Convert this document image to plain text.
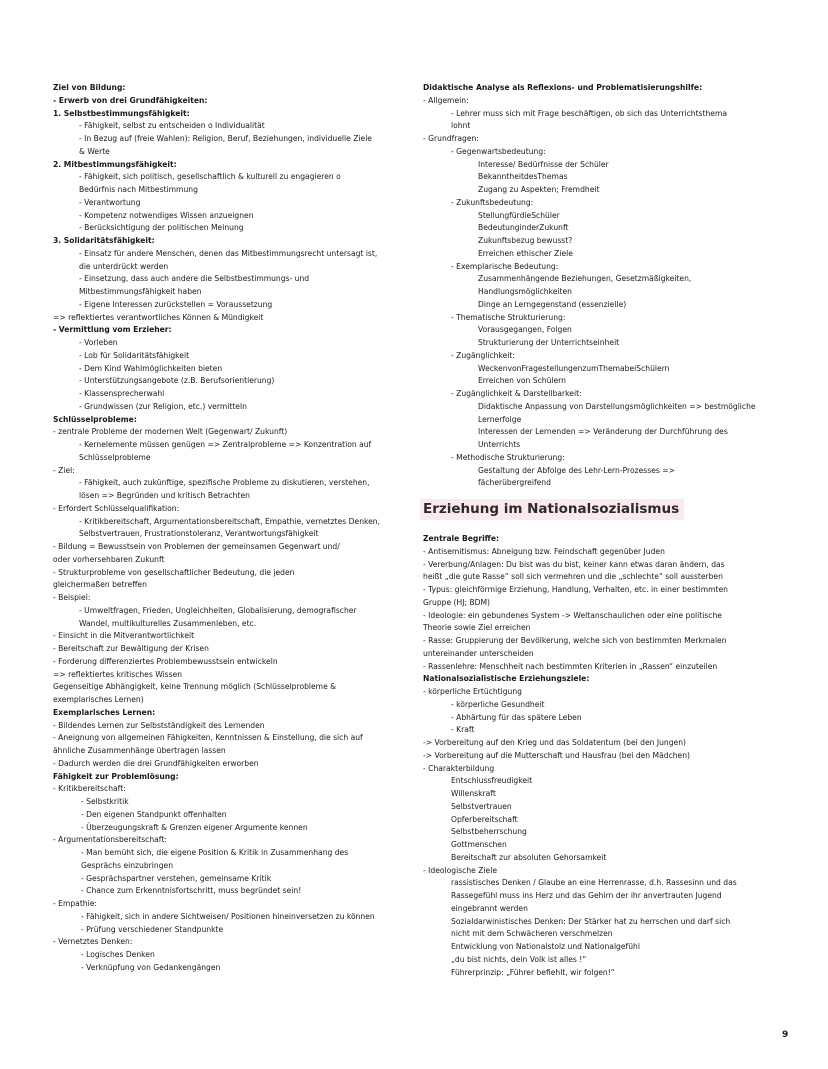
Ziel von Bildung:
- Erwerb von drei Grundfähigkeiten:
1. Selbstbestimmungsfähigkeit:
- Fähigkeit, selbst zu entscheiden o Individualität
- In Bezug auf (freie Wahlen): Religion, Beruf, Beziehungen, individuelle Ziele
& Werte
2. Mitbestimmungsfähigkeit:
- Fähigkeit, sich politisch, gesellschaftlich & kulturell zu engagieren o
Bedürfnis nach Mitbestimmung
- Verantwortung
- Kompetenz notwendiges Wissen anzueignen
- Berücksichtigung der politischen Meinung
3. Solidaritätsfähigkeit:
- Einsatz für andere Menschen, denen das Mitbestimmungsrecht untersagt ist,
die unterdrückt werden
- Einsetzung, dass auch andere die Selbstbestimmungs- und
Mitbestimmungsfähigkeit haben
- Eigene Interessen zurückstellen = Voraussetzung
=> reflektiertes verantwortliches Können & Mündigkeit
- Vermittlung vom Erzieher:
- Vorleben
- Lob für Solidaritätsfähigkeit
- Dem Kind Wahlmöglichkeiten bieten
- Unterstützungsangebote (z.B. Berufsorientierung)
- Klassensprecherwahl
- Grundwissen (zur Religion, etc.) vermitteln
Schlüsselprobleme:
- zentrale Probleme der modernen Welt (Gegenwart/ Zukunft)
- Kernelemente müssen genügen => Zentralprobleme => Konzentration auf
Schlüsselprobleme
- Ziel:
- Fähigkeit, auch zukünftige, spezifische Probleme zu diskutieren, verstehen,
lösen => Begründen und kritisch Betrachten
- Erfordert Schlüsselqualifikation:
- Kritikbereitschaft, Argumentationsbereitschaft, Empathie, vernetztes Denken,
Selbstvertrauen, Frustrationstoleranz, Verantwortungsfähigkeit
- Bildung = Bewusstsein von Problemen der gemeinsamen Gegenwart und/
oder vorhersehbaren Zukunft
- Strukturprobleme von gesellschaftlicher Bedeutung, die jeden
gleichermaßen betreffen
- Beispiel:
- Umweltfragen, Frieden, Ungleichheiten, Globalisierung, demografischer
Wandel, multikulturelles Zusammenleben, etc.
- Einsicht in die Mitverantwortlichkeit
- Bereitschaft zur Bewältigung der Krisen
- Forderung differenziertes Problembewusstsein entwickeln
=> reflektiertes kritisches Wissen
Gegenseitige Abhängigkeit, keine Trennung möglich (Schlüsselprobleme &
exemplarisches Lernen)
Exemplarisches Lernen:
- Bildendes Lernen zur Selbstständigkeit des Lernenden
- Aneignung von allgemeinen Fähigkeiten, Kenntnissen & Einstellung, die sich auf
ähnliche Zusammenhänge übertragen lassen
- Dadurch werden die drei Grundfähigkeiten erworben
Fähigkeit zur Problemlösung:
- Kritikbereitschaft:
- Selbstkritik
- Den eigenen Standpunkt offenhalten
- Überzeugungskraft & Grenzen eigener Argumente kennen
- Argumentationsbereitschaft:
- Man bemüht sich, die eigene Position & Kritik in Zusammenhang des
Gesprächs einzubringen
- Gesprächspartner verstehen, gemeinsame Kritik
- Chance zum Erkenntnisfortschritt, muss begründet sein!
- Empathie:
- Fähigkeit, sich in andere Sichtweisen/ Positionen hineinversetzen zu können
- Prüfung verschiedener Standpunkte
- Vernetztes Denken:
- Logisches Denken
- Verknüpfung von Gedankengängen
Didaktische Analyse als Reflexions- und Problematisierungshilfe:
- Allgemein:
- Lehrer muss sich mit Frage beschäftigen, ob sich das Unterrichtsthema
lohnt
- Grundfragen:
- Gegenwartsbedeutung:
Interesse/ Bedürfnisse der Schüler
BekanntheitdesThemas
Zugang zu Aspekten; Fremdheit
- Zukunftsbedeutung:
StellungfürdieSchüler
BedeutunginderZukunft
Zukunftsbezug bewusst?
Erreichen ethischer Ziele
- Exemplarische Bedeutung:
Zusammenhängende Beziehungen, Gesetzmäßigkeiten,
Handlungsmöglichkeiten
Dinge an Lerngegenstand (essenzielle)
- Thematische Strukturierung:
Vorausgegangen, Folgen
Strukturierung der Unterrichtseinheit
- Zugänglichkeit:
WeckenvonFragestellungenzumThemabeiSchülern
Erreichen von Schülern
- Zugänglichkeit & Darstellbarkeit:
Didaktische Anpassung von Darstellungsmöglichkeiten => bestmögliche
Lernerfolge
Interessen der Lernenden => Veränderung der Durchführung des
Unterrichts
- Methodische Strukturierung:
Gestaltung der Abfolge des Lehr-Lern-Prozesses =>
fächerübergreifend
Erziehung im Nationalsozialismus
Zentrale Begriffe:
- Antisemitismus: Abneigung bzw. Feindschaft gegenüber Juden
- Vererbung/Anlagen: Du bist was du bist, keiner kann etwas daran ändern, das
heißt „die gute Rasse“ soll sich vermehren und die „schlechte“ soll aussterben
- Typus: gleichförmige Erziehung, Handlung, Verhalten, etc. in einer bestimmten
Gruppe (HJ; BDM)
- Ideologie: ein gebundenes System -> Weltanschaulichen oder eine politische
Theorie sowie Ziel erreichen
- Rasse: Gruppierung der Bevölkerung, welche sich von bestimmten Merkmalen
untereinander unterscheiden
- Rassenlehre: Menschheit nach bestimmten Kriterien in „Rassen“ einzuteilen
Nationalsozialistische Erziehungsziele:
- körperliche Ertüchtigung
- körperliche Gesundheit
- Abhärtung für das spätere Leben
- Kraft
-> Vorbereitung auf den Krieg und das Soldatentum (bei den Jungen)
-> Vorbereitung auf die Mutterschaft und Hausfrau (bei den Mädchen)
- Charakterbildung
Entschlussfreudigkeit
Willenskraft
Selbstvertrauen
Opferbereitschaft
Selbstbeherrschung
Gottmenschen
Bereitschaft zur absoluten Gehorsamkeit
- Ideologische Ziele
rassistisches Denken / Glaube an eine Herrenrasse, d.h. Rassesinn und das
Rassegefühl muss ins Herz und das Gehirn der ihr anvertrauten Jugend
eingebrannt werden
Sozialdarwinistisches Denken: Der Stärker hat zu herrschen und darf sich
nicht mit dem Schwächeren verschmelzen
Entwicklung von Nationalstolz und Nationalgefühl
„du bist nichts, dein Volk ist alles !“
Führerprinzip: „Führer befiehlt, wir folgen!“
9
